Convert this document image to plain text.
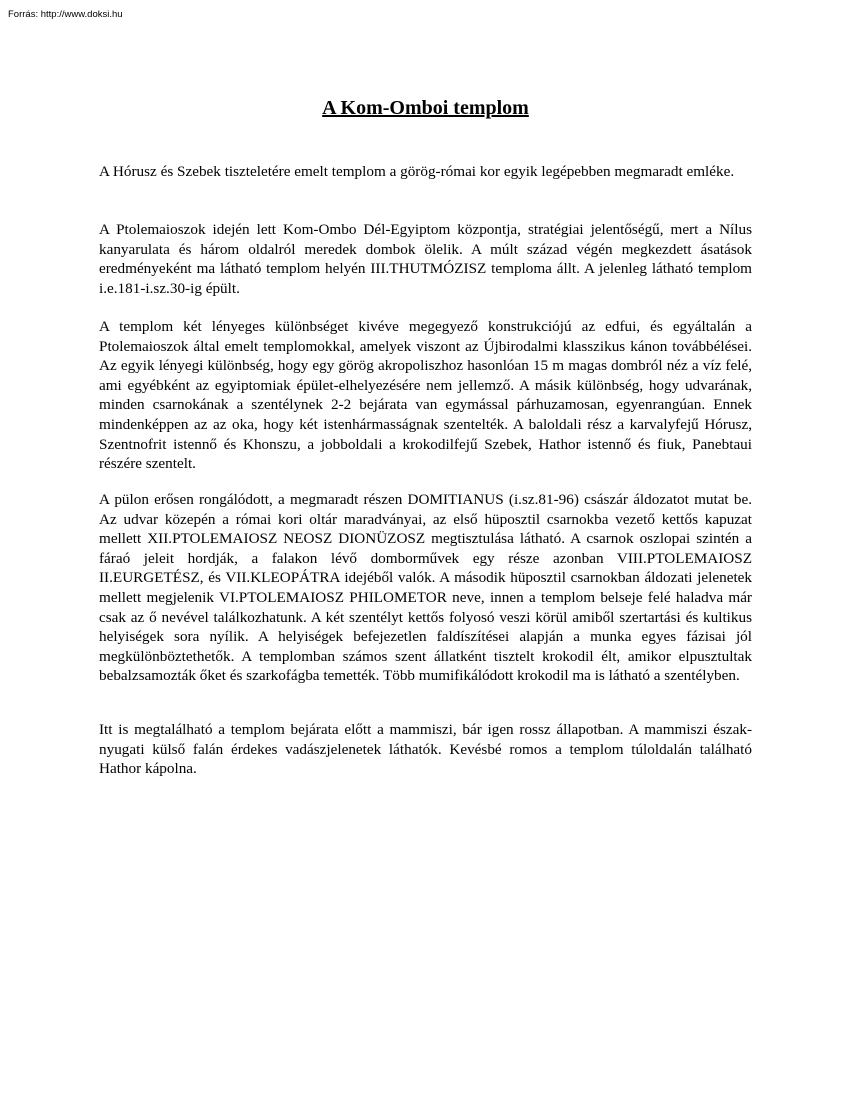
Forrás: http://www.doksi.hu
A Kom-Omboi templom

A Hórusz és Szebek tiszteletére emelt templom a görög-római kor egyik legépebben megmaradt emléke.

A Ptolemaioszok idején lett Kom-Ombo Dél-Egyiptom központja, stratégiai jelentőségű, mert a Nílus kanyarulata és három oldalról meredek dombok ölelik. A múlt század végén megkezdett ásatások eredményeként ma látható templom helyén III.THUTMÓZISZ temploma állt. A jelenleg látható templom i.e.181-i.sz.30-ig épült.

A templom két lényeges különbséget kivéve megegyező konstrukciójú az edfui, és egyáltalán a Ptolemaioszok által emelt templomokkal, amelyek viszont az Újbirodalmi klasszikus kánon továbbélései. Az egyik lényegi különbség, hogy egy görög akropoliszhoz hasonlóan 15 m magas dombról néz a víz felé, ami egyébként az egyiptomiak épület-elhelyezésére nem jellemző. A másik különbség, hogy udvarának, minden csarnokának a szentélynek 2-2 bejárata van egymással párhuzamosan, egyenrangúan. Ennek mindenképpen az az oka, hogy két istenhármasságnak szentelték. A baloldali rész a karvalyfejű Hórusz, Szentnofrit istennő és Khonszu, a jobboldali a krokodilfejű Szebek, Hathor istennő és fiuk, Panebtaui részére szentelt.

A pülon erősen rongálódott, a megmaradt részen DOMITIANUS (i.sz.81-96) császár áldozatot mutat be. Az udvar közepén a római kori oltár maradványai, az első hüposztil csarnokba vezető kettős kapuzat mellett XII.PTOLEMAIOSZ NEOSZ DIONÜZOSZ megtisztulása látható. A csarnok oszlopai szintén a fáraó jeleit hordják, a falakon lévő domborművek egy része azonban VIII.PTOLEMAIOSZ II.EURGETÉSZ, és VII.KLEOPÁTRA idejéből valók. A második hüposztil csarnokban áldozati jelenetek mellett megjelenik VI.PTOLEMAIOSZ PHILOMETOR neve, innen a templom belseje felé haladva már csak az ő nevével találkozhatunk. A két szentélyt kettős folyosó veszi körül amiből szertartási és kultikus helyiségek sora nyílik. A helyiségek befejezetlen faldíszítései alapján a munka egyes fázisai jól megkülönböztethetők. A templomban számos szent állatként tisztelt krokodil élt, amikor elpusztultak bebalzsamozták őket és szarkofágba temették. Több mumifikálódott krokodil ma is látható a szentélyben.

Itt is megtalálható a templom bejárata előtt a mammiszi, bár igen rossz állapotban. A mammiszi észak-nyugati külső falán érdekes vadászjelenetek láthatók. Kevésbé romos a templom túloldalán található Hathor kápolna.
